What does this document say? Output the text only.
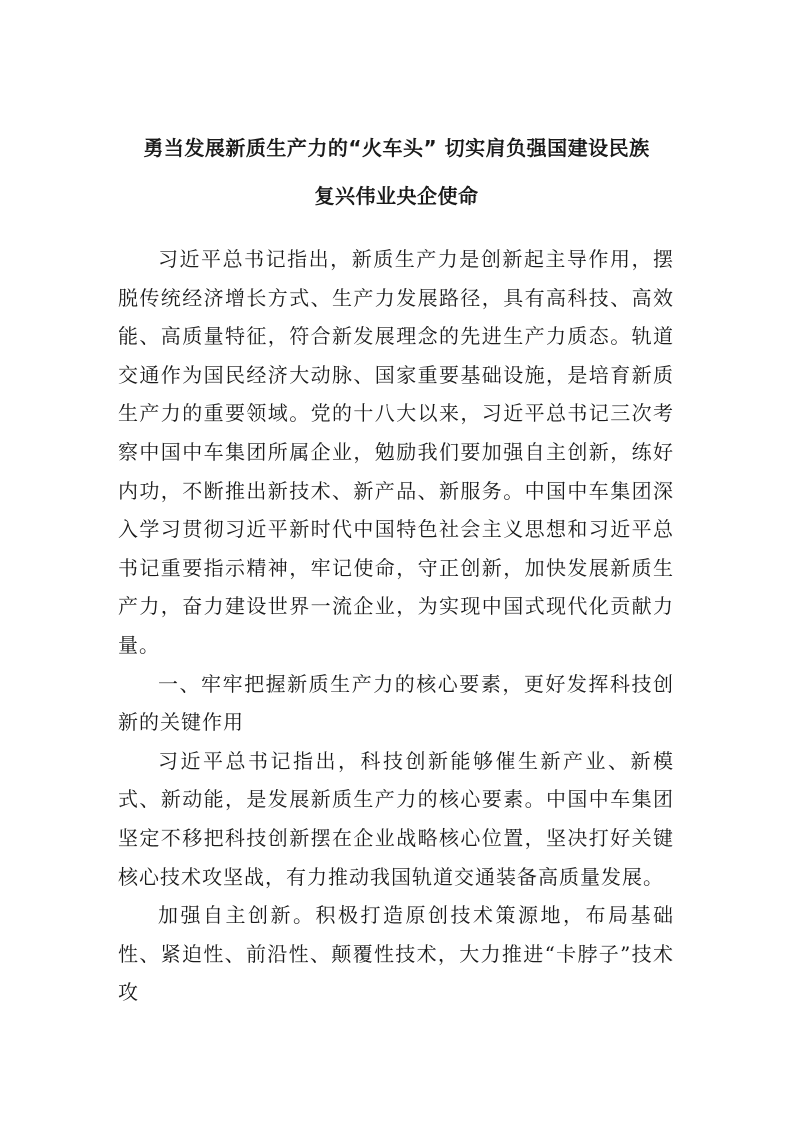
勇当发展新质生产力的“火车头” 切实肩负强国建设民族
复兴伟业央企使命

习近平总书记指出，新质生产力是创新起主导作用，摆脱传统经济增长方式、生产力发展路径，具有高科技、高效能、高质量特征，符合新发展理念的先进生产力质态。轨道交通作为国民经济大动脉、国家重要基础设施，是培育新质生产力的重要领域。党的十八大以来，习近平总书记三次考察中国中车集团所属企业，勉励我们要加强自主创新，练好内功，不断推出新技术、新产品、新服务。中国中车集团深入学习贯彻习近平新时代中国特色社会主义思想和习近平总书记重要指示精神，牢记使命，守正创新，加快发展新质生产力，奋力建设世界一流企业，为实现中国式现代化贡献力量。

一、牢牢把握新质生产力的核心要素，更好发挥科技创新的关键作用

习近平总书记指出，科技创新能够催生新产业、新模式、新动能，是发展新质生产力的核心要素。中国中车集团坚定不移把科技创新摆在企业战略核心位置，坚决打好关键核心技术攻坚战，有力推动我国轨道交通装备高质量发展。

加强自主创新。积极打造原创技术策源地，布局基础性、紧迫性、前沿性、颠覆性技术，大力推进“卡脖子”技术攻
